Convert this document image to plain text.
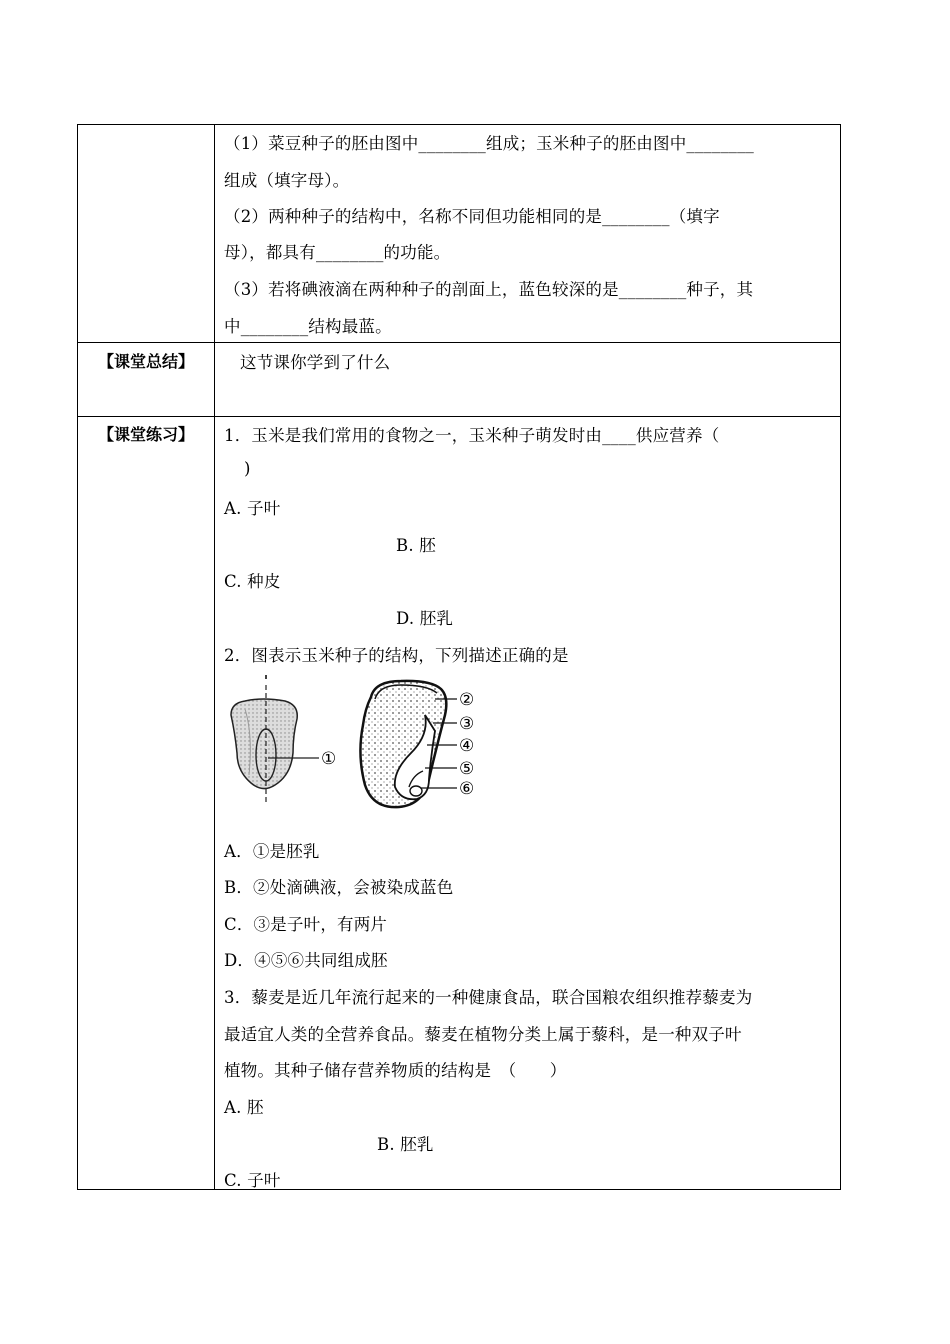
（1）菜豆种子的胚由图中________组成；玉米种子的胚由图中________
组成（填字母）。
（2）两种种子的结构中，名称不同但功能相同的是________（填字
母），都具有________的功能。
（3）若将碘液滴在两种种子的剖面上，蓝色较深的是________种子，其
中________结构最蓝。
【课堂总结】	这节课你学到了什么
【课堂练习】	1．玉米是我们常用的食物之一，玉米种子萌发时由____供应营养（
)
A. 子叶
B. 胚
C. 种皮
D. 胚乳
2．图表示玉米种子的结构，下列描述正确的是
①
②
③
④
⑤
⑥
A．①是胚乳
B．②处滴碘液，会被染成蓝色
C．③是子叶，有两片
D．④⑤⑥共同组成胚
3．藜麦是近几年流行起来的一种健康食品，联合国粮农组织推荐藜麦为
最适宜人类的全营养食品。藜麦在植物分类上属于藜科，是一种双子叶
植物。其种子储存营养物质的结构是　（　　）
A. 胚
B. 胚乳
C. 子叶
